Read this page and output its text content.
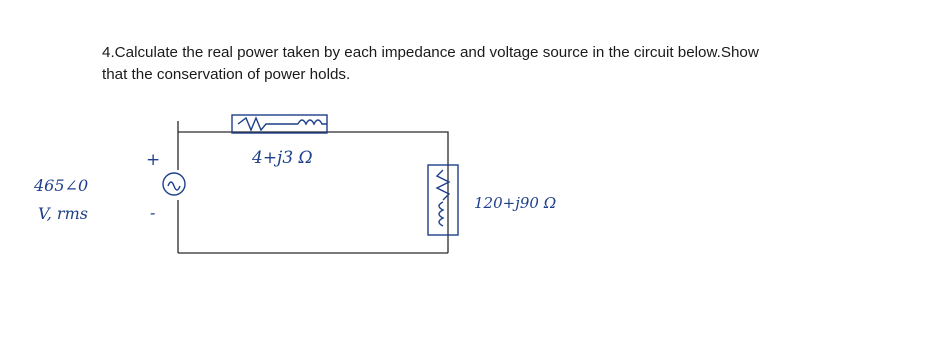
4.Calculate the real power taken by each impedance and voltage source in the circuit below.Show
that the conservation of power holds.
465∠0
V, rms
+
-
4+j3 Ω
120+j90 Ω
